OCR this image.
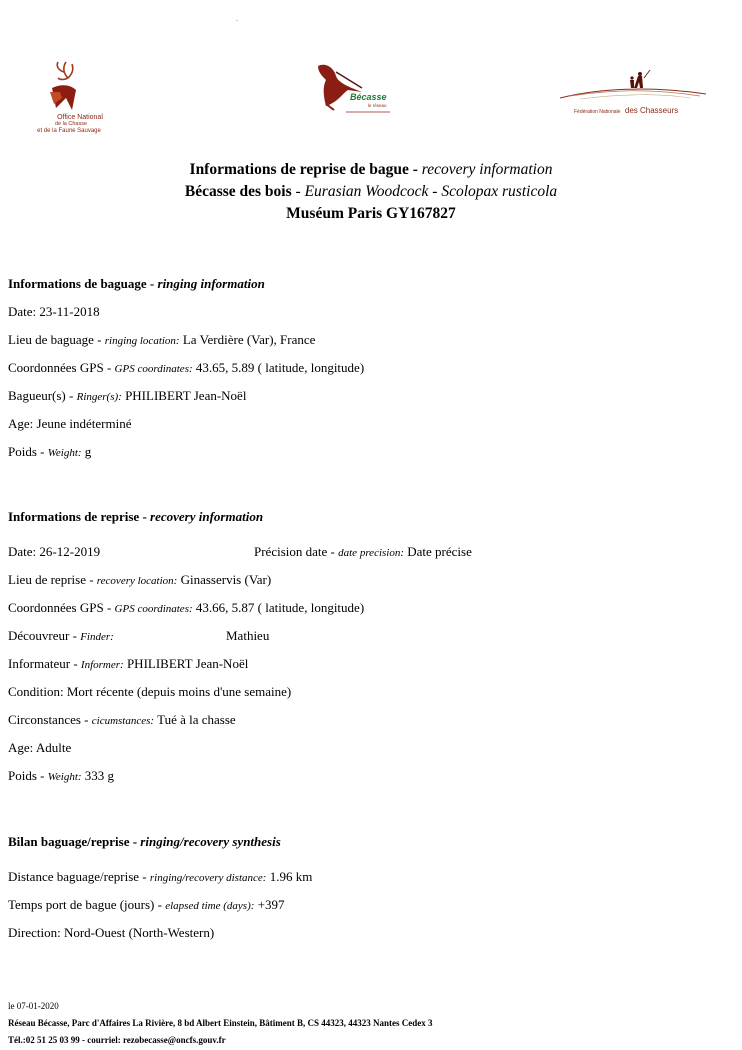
-
Office National
de la Chasse
et de la Faune Sauvage
Bécasse
le réseau
Fédération Nationale des Chasseurs
Informations de reprise de bague - recovery information
Bécasse des bois - Eurasian Woodcock - Scolopax rusticola
Muséum Paris GY167827
Informations de baguage - ringing information
Date: 23-11-2018
Lieu de baguage - ringing location: La Verdière (Var), France
Coordonnées GPS - GPS coordinates: 43.65, 5.89 ( latitude, longitude)
Bagueur(s) - Ringer(s): PHILIBERT Jean-Noël
Age: Jeune indéterminé
Poids - Weight: g
Informations de reprise - recovery information
Date: 26-12-2019	Précision date - date precision: Date précise
Lieu de reprise - recovery location: Ginasservis (Var)
Coordonnées GPS - GPS coordinates: 43.66, 5.87 ( latitude, longitude)
Découvreur - Finder:	Mathieu
Informateur - Informer: PHILIBERT Jean-Noël
Condition: Mort récente (depuis moins d'une semaine)
Circonstances - cicumstances: Tué à la chasse
Age: Adulte
Poids - Weight: 333 g
Bilan baguage/reprise - ringing/recovery synthesis
Distance baguage/reprise - ringing/recovery distance: 1.96 km
Temps port de bague (jours) - elapsed time (days): +397
Direction: Nord-Ouest (North-Western)
le 07-01-2020
Réseau Bécasse, Parc d'Affaires La Rivière, 8 bd Albert Einstein, Bâtiment B, CS 44323, 44323 Nantes Cedex 3
Tél.:02 51 25 03 99 - courriel: rezobecasse@oncfs.gouv.fr
